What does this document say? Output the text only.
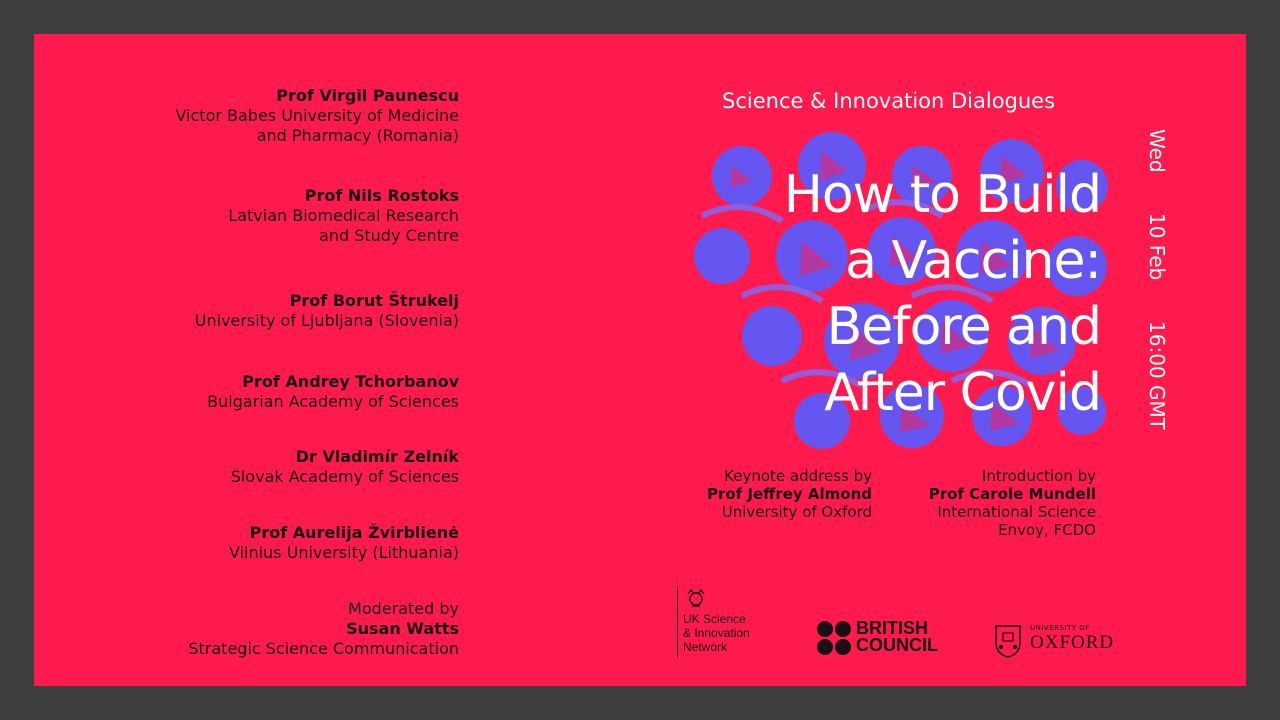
Prof Virgil Paunescu
Victor Babes University of Medicine
and Pharmacy (Romania)
Prof Nils Rostoks
Latvian Biomedical Research
and Study Centre
Prof Borut Štrukelj
University of Ljubljana (Slovenia)
Prof Andrey Tchorbanov
Bulgarian Academy of Sciences
Dr Vladimír Zelník
Slovak Academy of Sciences
Prof Aurelija Žvirblienė
Vilnius University (Lithuania)
Moderated by
Susan Watts
Strategic Science Communication
Science & Innovation Dialogues
How to Build
a Vaccine:
Before and
After Covid
Wed 10 Feb 16:00 GMT
Keynote address by
Prof Jeffrey Almond
University of Oxford
Introduction by
Prof Carole Mundell
International Science
Envoy, FCDO
UK Science
& Innovation
Network
BRITISH
COUNCIL
UNIVERSITY OF
OXFORD
